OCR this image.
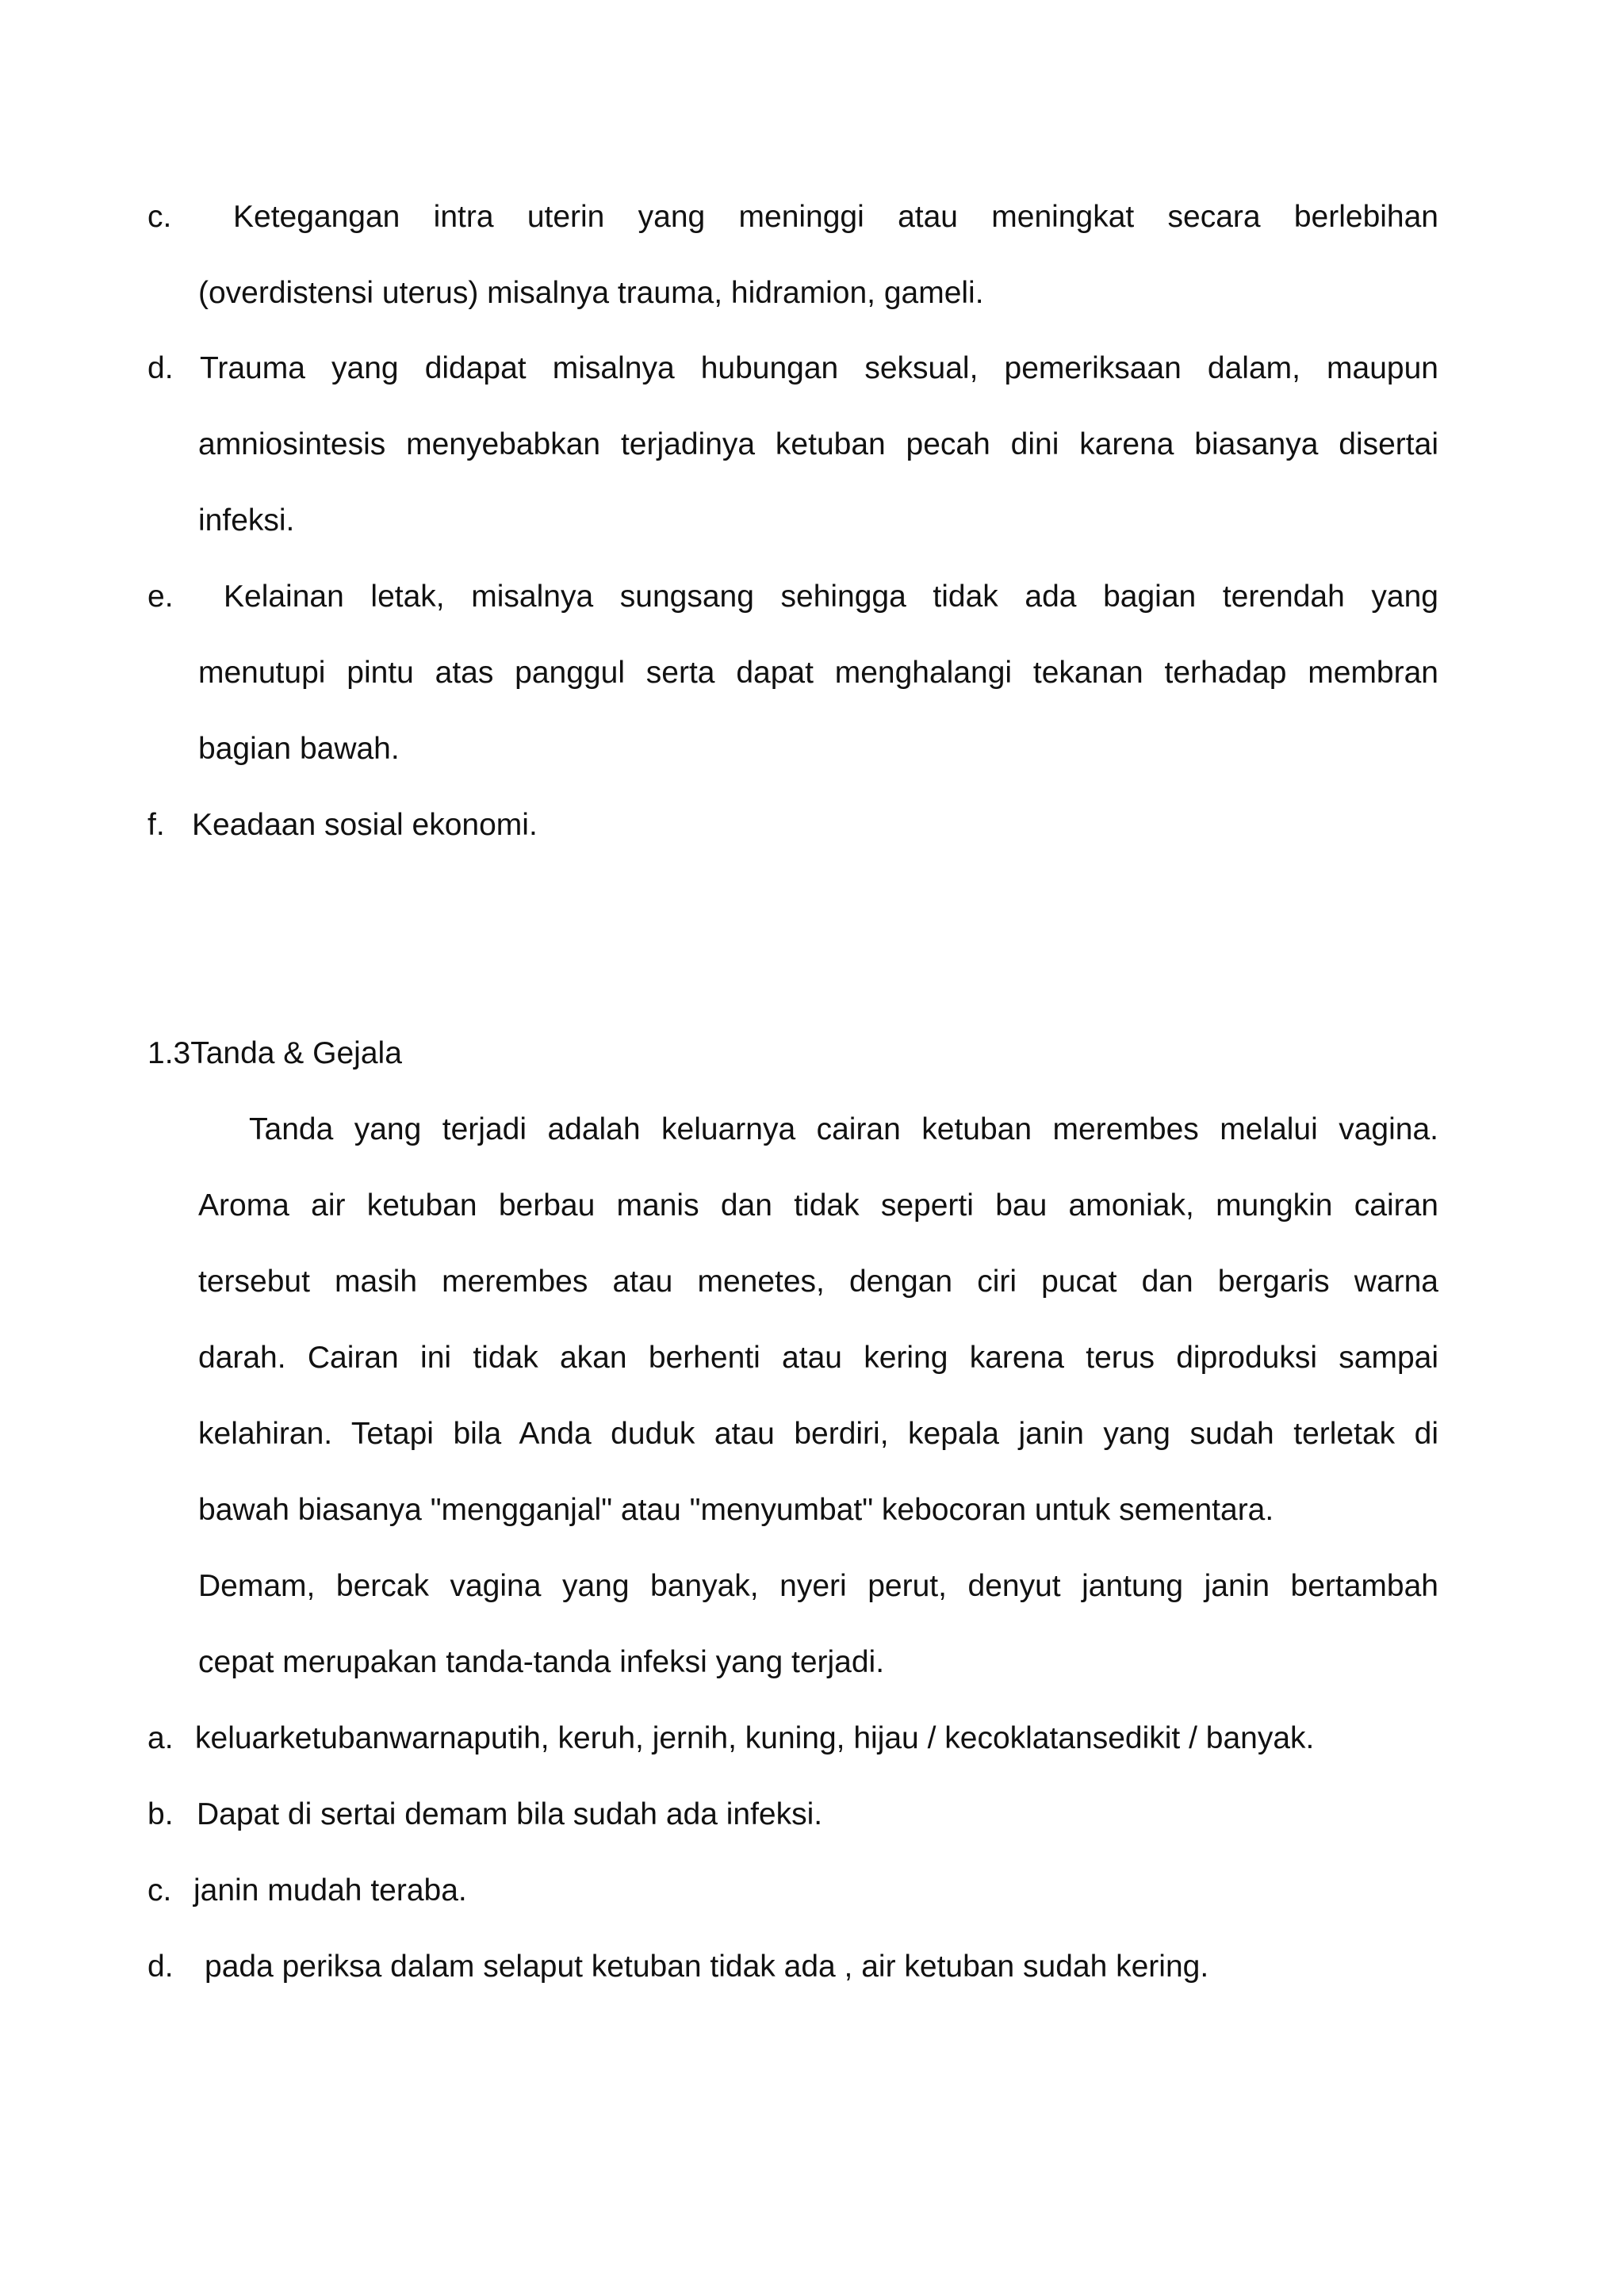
c. Ketegangan intra uterin yang meninggi atau meningkat secara berlebihan
(overdistensi uterus) misalnya trauma, hidramion, gameli.
d. Trauma yang didapat misalnya hubungan seksual, pemeriksaan dalam, maupun
amniosintesis menyebabkan terjadinya ketuban pecah dini karena biasanya disertai
infeksi.
e. Kelainan letak, misalnya sungsang sehingga tidak ada bagian terendah yang
menutupi pintu atas panggul serta dapat menghalangi tekanan terhadap membran
bagian bawah.
f. Keadaan sosial ekonomi.
1.3Tanda & Gejala
Tanda yang terjadi adalah keluarnya cairan ketuban merembes melalui vagina.
Aroma air ketuban berbau manis dan tidak seperti bau amoniak, mungkin cairan
tersebut masih merembes atau menetes, dengan ciri pucat dan bergaris warna
darah. Cairan ini tidak akan berhenti atau kering karena terus diproduksi sampai
kelahiran. Tetapi bila Anda duduk atau berdiri, kepala janin yang sudah terletak di
bawah biasanya "mengganjal" atau "menyumbat" kebocoran untuk sementara.
Demam, bercak vagina yang banyak, nyeri perut, denyut jantung janin bertambah
cepat merupakan tanda-tanda infeksi yang terjadi.
a. keluarketubanwarnaputih, keruh, jernih, kuning, hijau / kecoklatansedikit / banyak.
b. Dapat di sertai demam bila sudah ada infeksi.
c. janin mudah teraba.
d. pada periksa dalam selaput ketuban tidak ada , air ketuban sudah kering.
